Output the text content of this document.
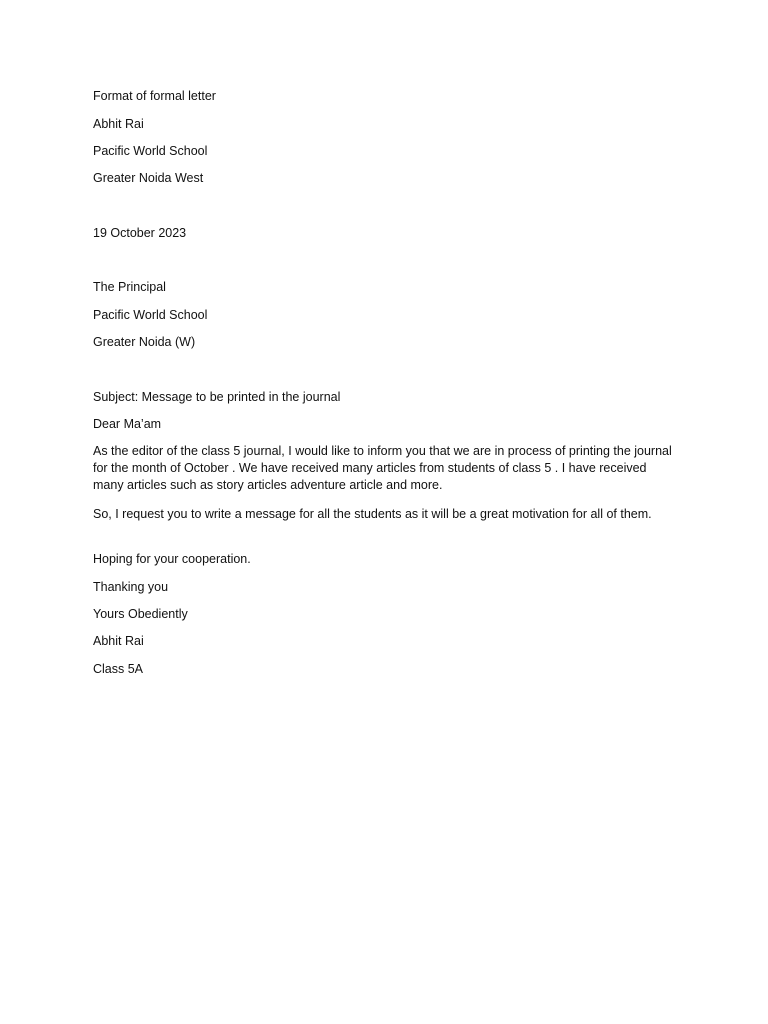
Format of formal letter
Abhit Rai
Pacific World School
Greater Noida West
19 October 2023
The Principal
Pacific World School
Greater Noida (W)
Subject: Message to be printed in the journal
Dear Ma’am
As the editor of the class 5 journal, I would like to inform you that we are in process of printing the journal for the month of October . We have received many articles from students of class 5 . I have received many articles such as story articles adventure article and more.
So, I request you to write a message for all the students as it will be a great motivation for all of them.
Hoping for your cooperation.
Thanking you
Yours Obediently
Abhit Rai
Class 5A
